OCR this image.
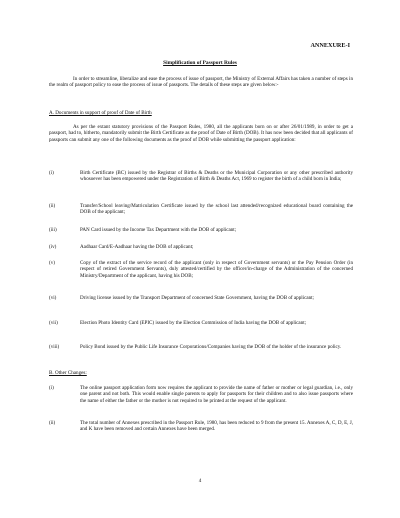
ANNEXURE-I
Simplification of Passport Rules

In order to streamline, liberalize and ease the process of issue of passport, the Ministry of External Affairs has taken a number of steps in the realm of passport policy to ease the process of issue of passports. The details of these steps are given below:-

A. Documents in support of proof of Date of Birth

As per the extant statutory provisions of the Passport Rules, 1980, all the applicants born on or after 26/01/1989, in order to get a passport, had to, hitherto, mandatorily submit the Birth Certificate as the proof of Date of Birth (DOB). It has now been decided that all applicants of passports can submit any one of the following documents as the proof of DOB while submitting the passport application:

(i)	Birth Certificate (BC) issued by the Registrar of Births & Deaths or the Municipal Corporation or any other prescribed authority whosoever has been empowered under the Registration of Birth & Deaths Act, 1969 to register the birth of a child born in India;
(ii)	Transfer/School leaving/Matriculation Certificate issued by the school last attended/recognized educational board containing the DOB of the applicant;
(iii)	PAN Card issued by the Income Tax Department with the DOB of applicant;
(iv)	Aadhaar Card/E-Aadhaar having the DOB of applicant;
(v)	Copy of the extract of the service record of the applicant (only in respect of Government servants) or the Pay Pension Order (in respect of retired Government Servants), duly attested/certified by the officer/in-charge of the Administration of the concerned Ministry/Department of the applicant, having his DOB;
(vi)	Driving license issued by the Transport Department of concerned State Government, having the DOB of applicant;
(vii)	Election Photo Identity Card (EPIC) issued by the Election Commission of India having the DOB of applicant;
(viii)	Policy Bond issued by the Public Life Insurance Corporations/Companies having the DOB of the holder of the insurance policy.

B. Other Changes:

(i)	The online passport application form now requires the applicant to provide the name of father or mother or legal guardian, i.e., only one parent and not both. This would enable single parents to apply for passports for their children and to also issue passports where the name of either the father or the mother is not required to be printed at the request of the applicant.
(ii)	The total number of Annexes prescribed in the Passport Rule, 1980, has been reduced to 9 from the present 15. Annexes A, C, D, E, J, and K have been removed and certain Annexes have been merged.
4
